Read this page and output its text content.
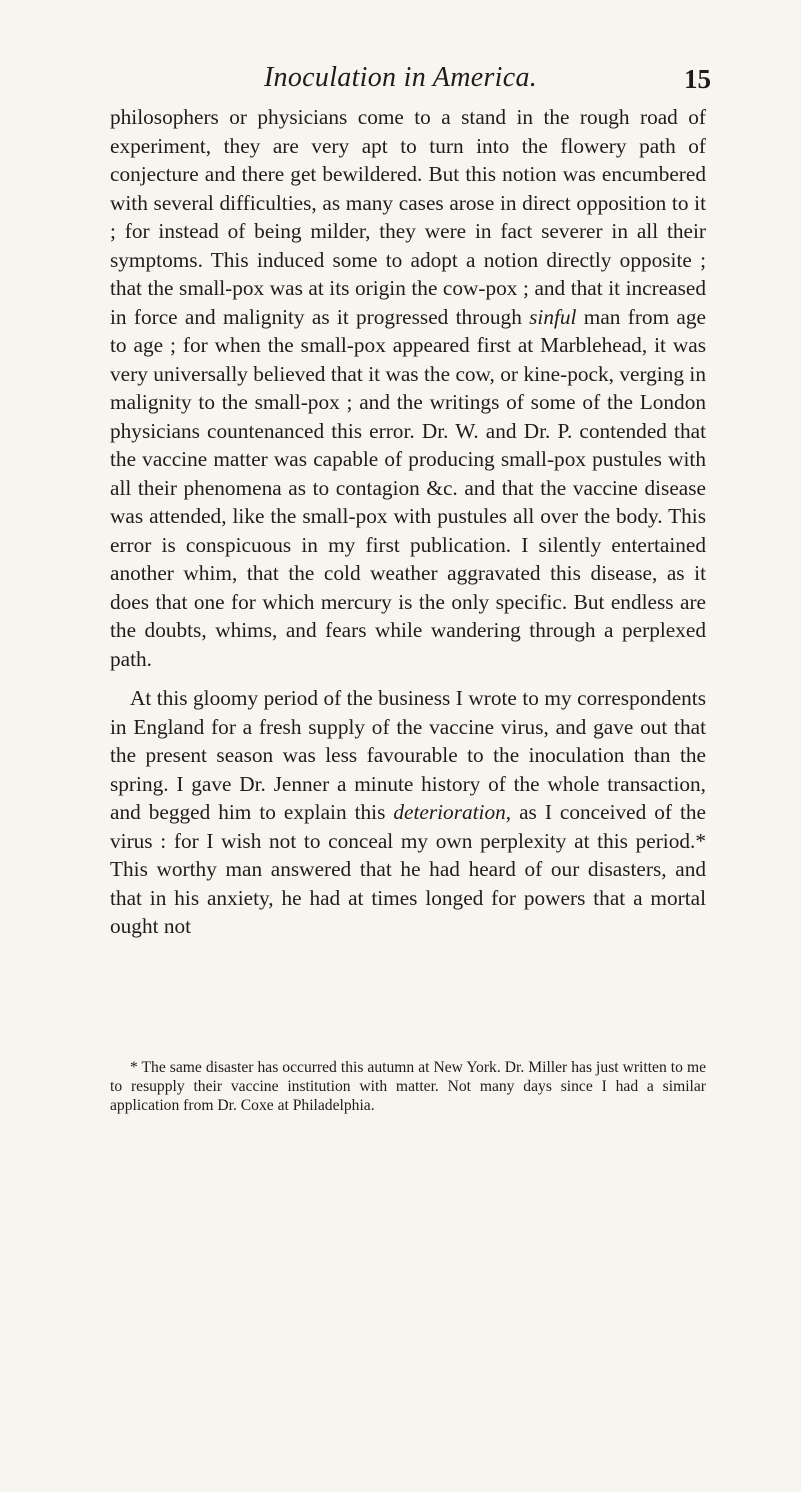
Inoculation in America.	15

philosophers or physicians come to a stand in the rough road of experiment, they are very apt to turn into the flowery path of conjecture and there get bewildered. But this notion was encumbered with several difficulties, as many cases arose in direct opposition to it ; for instead of being milder, they were in fact severer in all their symptoms. This induced some to adopt a notion directly opposite ; that the small-pox was at its origin the cow-pox ; and that it increased in force and malignity as it progressed through sinful man from age to age ; for when the small-pox appeared first at Marblehead, it was very universally believed that it was the cow, or kine-pock, verging in malignity to the small-pox ; and the writings of some of the London physicians countenanced this error. Dr. W. and Dr. P. contended that the vaccine matter was capable of producing small-pox pustules with all their phenomena as to contagion &c. and that the vaccine disease was attended, like the small-pox with pustules all over the body. This error is conspicuous in my first publication. I silently entertained another whim, that the cold weather aggravated this disease, as it does that one for which mercury is the only specific. But endless are the doubts, whims, and fears while wandering through a perplexed path.

At this gloomy period of the business I wrote to my correspondents in England for a fresh supply of the vaccine virus, and gave out that the present season was less favourable to the inoculation than the spring. I gave Dr. Jenner a minute history of the whole transaction, and begged him to explain this deterioration, as I conceived of the virus : for I wish not to conceal my own perplexity at this period.* This worthy man answered that he had heard of our disasters, and that in his anxiety, he had at times longed for powers that a mortal ought not

* The same disaster has occurred this autumn at New York. Dr. Miller has just written to me to resupply their vaccine institution with matter. Not many days since I had a similar application from Dr. Coxe at Philadelphia.
